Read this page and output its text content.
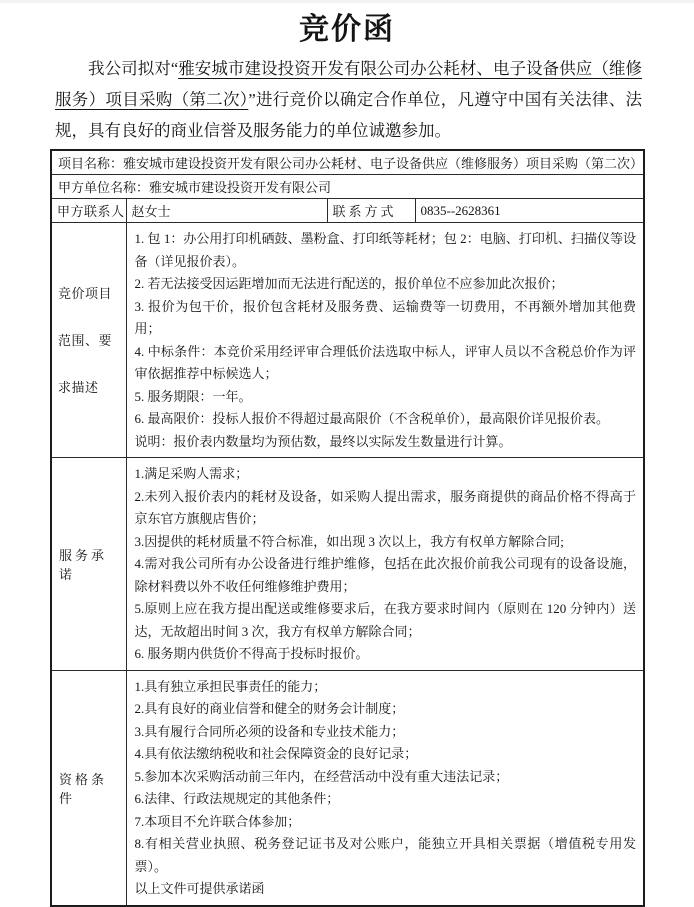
竞价函

我公司拟对“雅安城市建设投资开发有限公司办公耗材、电子设备供应（维修服务）项目采购（第二次）”进行竞价以确定合作单位，凡遵守中国有关法律、法规，具有良好的商业信誉及服务能力的单位诚邀参加。

项目名称：雅安城市建设投资开发有限公司办公耗材、电子设备供应（维修服务）项目采购（第二次）			
甲方单位名称：雅安城市建设投资开发有限公司			
甲方联系人	赵女士	联系方式	0835--2628361
竞价项目范围、要求描述	
1. 包 1：办公用打印机硒鼓、墨粉盒、打印纸等耗材；包 2：电脑、打印机、扫描仪等设备（详见报价表）。
2. 若无法接受因运距增加而无法进行配送的，报价单位不应参加此次报价；
3. 报价为包干价，报价包含耗材及服务费、运输费等一切费用，不再额外增加其他费用；
4. 中标条件：本竞价采用经评审合理低价法选取中标人，评审人员以不含税总价作为评审依据推荐中标候选人；
5. 服务期限：一年。
6. 最高限价：投标人报价不得超过最高限价（不含税单价），最高限价详见报价表。
说明：报价表内数量均为预估数，最终以实际发生数量进行计算。

服务承诺	
1.满足采购人需求；
2.未列入报价表内的耗材及设备，如采购人提出需求，服务商提供的商品价格不得高于京东官方旗舰店售价；
3.因提供的耗材质量不符合标准，如出现 3 次以上，我方有权单方解除合同;
4.需对我公司所有办公设备进行维护维修，包括在此次报价前我公司现有的设备设施，除材料费以外不收任何维修维护费用；
5.原则上应在我方提出配送或维修要求后，在我方要求时间内（原则在 120 分钟内）送达，无故超出时间 3 次，我方有权单方解除合同；
6. 服务期内供货价不得高于投标时报价。

资格条件	
1.具有独立承担民事责任的能力；
2.具有良好的商业信誉和健全的财务会计制度；
3.具有履行合同所必须的设备和专业技术能力；
4.具有依法缴纳税收和社会保障资金的良好记录；
5.参加本次采购活动前三年内，在经营活动中没有重大违法记录；
6.法律、行政法规规定的其他条件；
7.本项目不允许联合体参加；
8.有相关营业执照、税务登记证书及对公账户，能独立开具相关票据（增值税专用发票）。
以上文件可提供承诺函
